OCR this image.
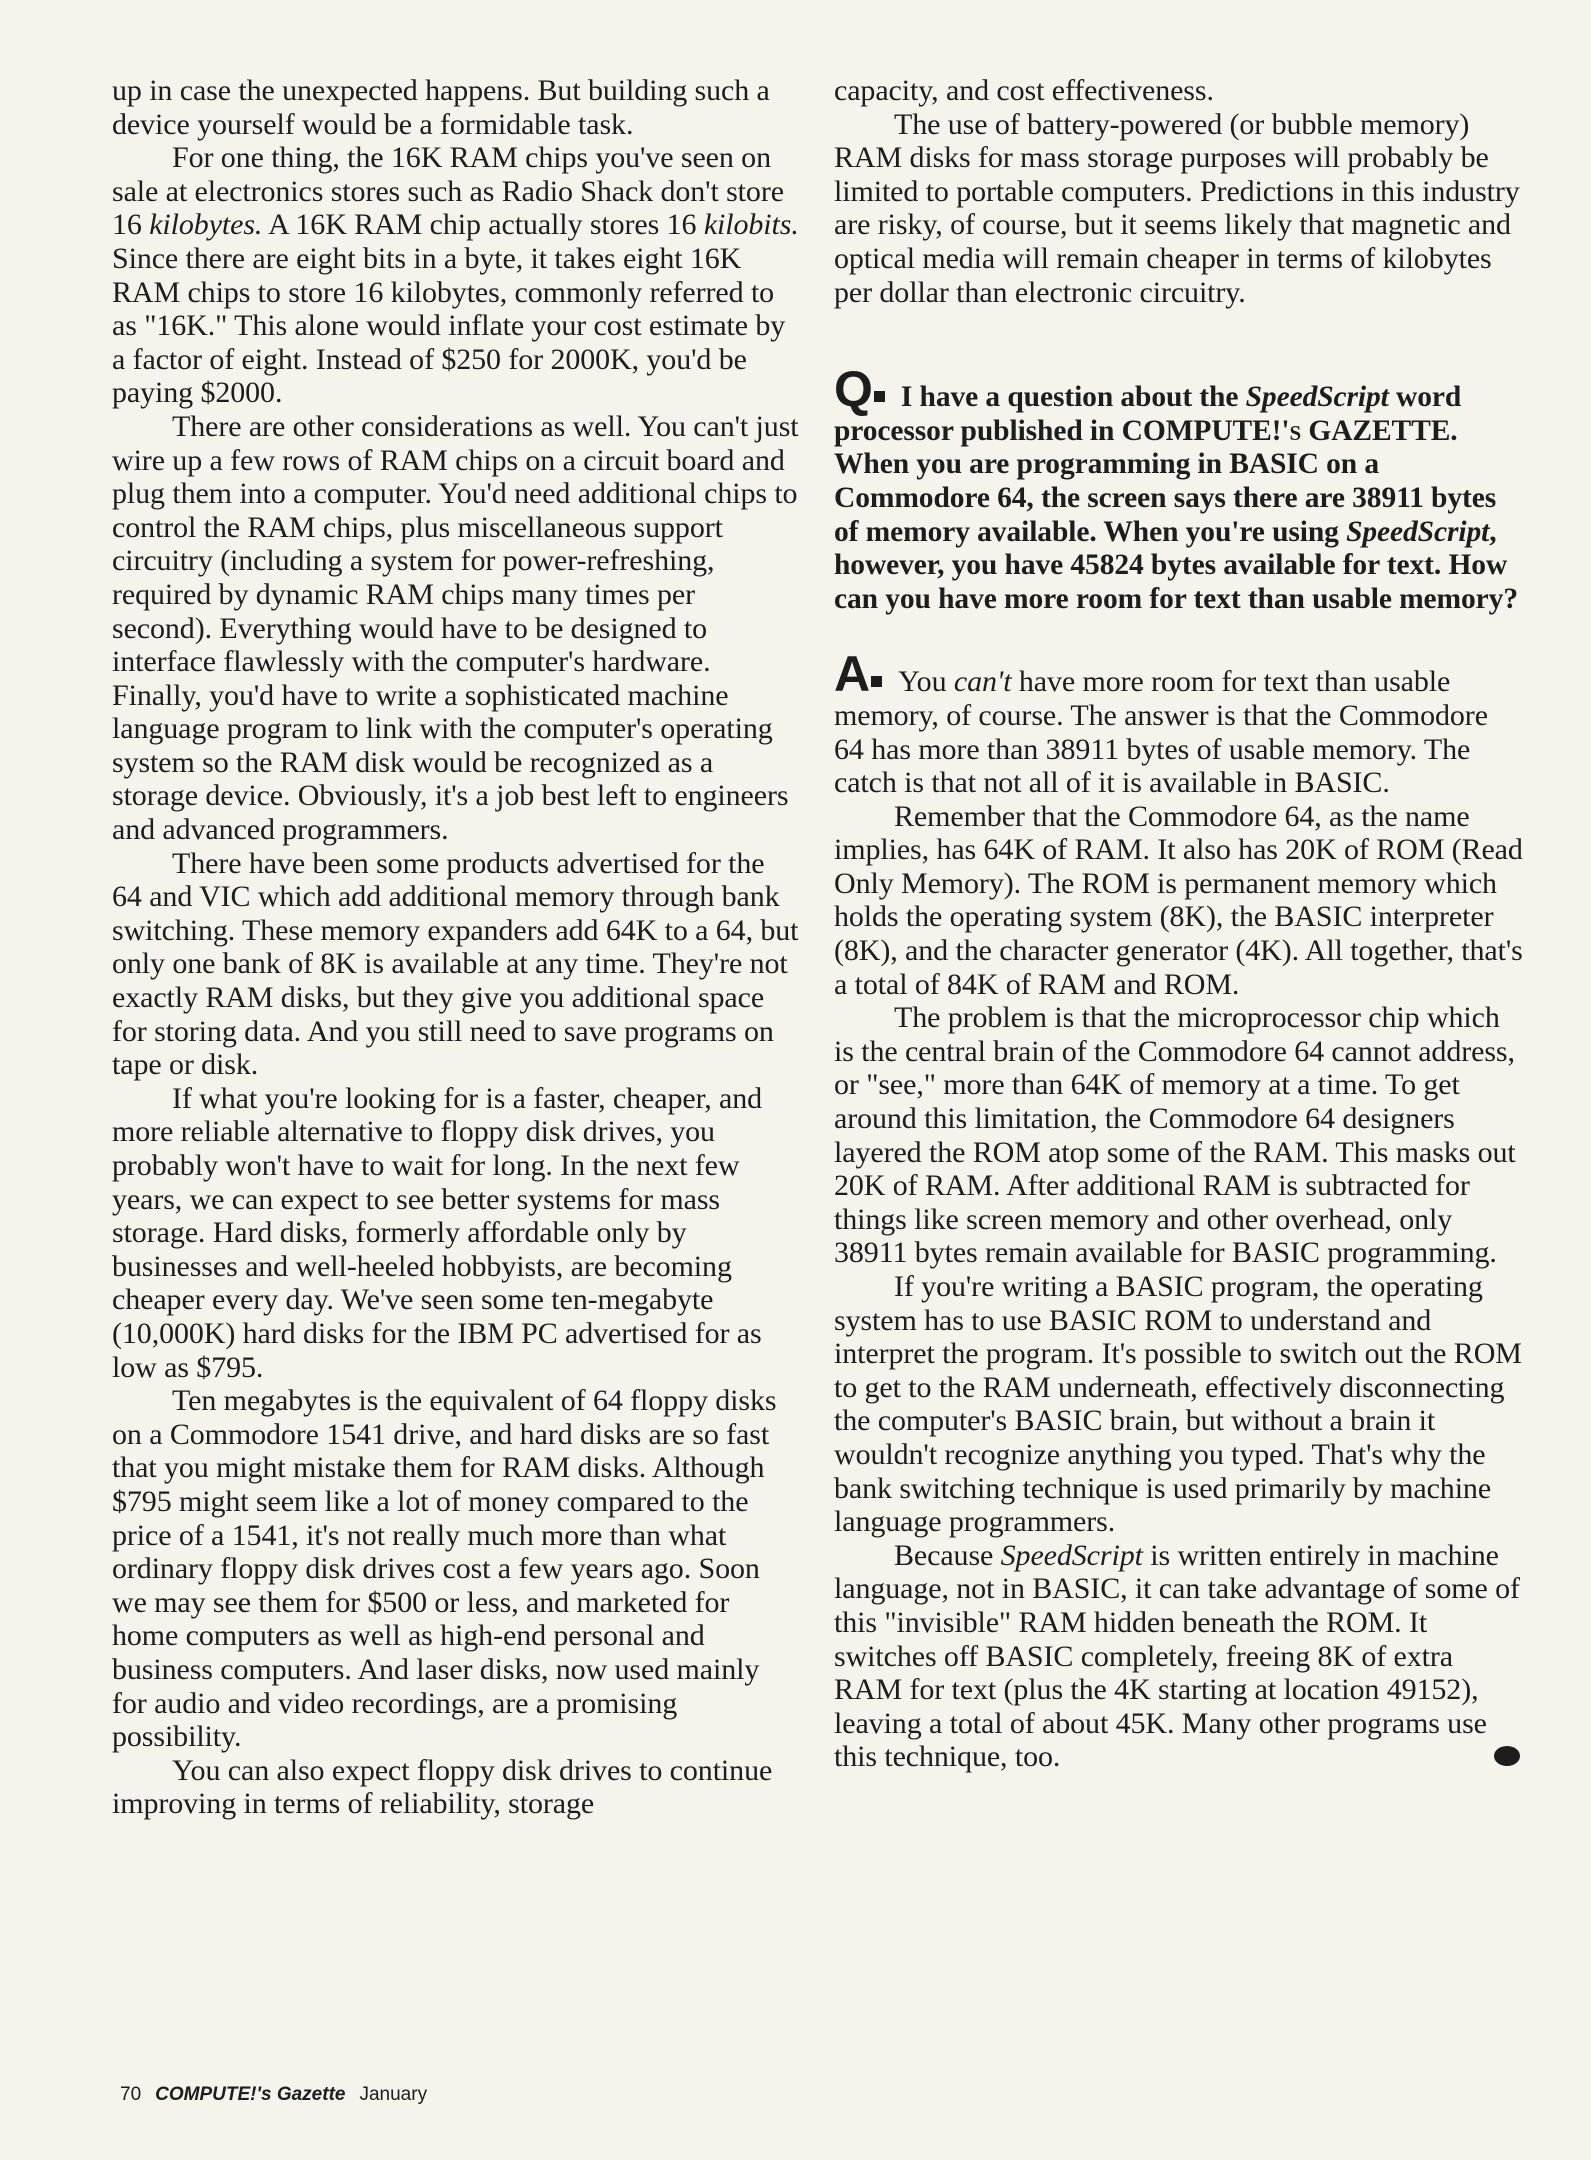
up in case the unexpected happens. But building such a device yourself would be a formidable task.

For one thing, the 16K RAM chips you've seen on sale at electronics stores such as Radio Shack don't store 16 kilobytes. A 16K RAM chip actually stores 16 kilobits. Since there are eight bits in a byte, it takes eight 16K RAM chips to store 16 kilobytes, commonly referred to as "16K." This alone would inflate your cost estimate by a factor of eight. Instead of $250 for 2000K, you'd be paying $2000.

There are other considerations as well. You can't just wire up a few rows of RAM chips on a circuit board and plug them into a computer. You'd need additional chips to control the RAM chips, plus miscellaneous support circuitry (including a system for power-refreshing, required by dynamic RAM chips many times per second). Everything would have to be designed to interface flawlessly with the computer's hardware. Finally, you'd have to write a sophisticated machine language program to link with the computer's operating system so the RAM disk would be recognized as a storage device. Obviously, it's a job best left to engineers and advanced programmers.

There have been some products advertised for the 64 and VIC which add additional memory through bank switching. These memory expanders add 64K to a 64, but only one bank of 8K is available at any time. They're not exactly RAM disks, but they give you additional space for storing data. And you still need to save programs on tape or disk.

If what you're looking for is a faster, cheaper, and more reliable alternative to floppy disk drives, you probably won't have to wait for long. In the next few years, we can expect to see better systems for mass storage. Hard disks, formerly affordable only by businesses and well-heeled hobbyists, are becoming cheaper every day. We've seen some ten-megabyte (10,000K) hard disks for the IBM PC advertised for as low as $795.

Ten megabytes is the equivalent of 64 floppy disks on a Commodore 1541 drive, and hard disks are so fast that you might mistake them for RAM disks. Although $795 might seem like a lot of money compared to the price of a 1541, it's not really much more than what ordinary floppy disk drives cost a few years ago. Soon we may see them for $500 or less, and marketed for home computers as well as high-end personal and business computers. And laser disks, now used mainly for audio and video recordings, are a promising possibility.

You can also expect floppy disk drives to continue improving in terms of reliability, storage

capacity, and cost effectiveness.

The use of battery-powered (or bubble memory) RAM disks for mass storage purposes will probably be limited to portable computers. Predictions in this industry are risky, of course, but it seems likely that magnetic and optical media will remain cheaper in terms of kilobytes per dollar than electronic circuitry.

Q I have a question about the SpeedScript word processor published in COMPUTE!'s GAZETTE. When you are programming in BASIC on a Commodore 64, the screen says there are 38911 bytes of memory available. When you're using SpeedScript, however, you have 45824 bytes available for text. How can you have more room for text than usable memory?

A You can't have more room for text than usable memory, of course. The answer is that the Commodore 64 has more than 38911 bytes of usable memory. The catch is that not all of it is available in BASIC.

Remember that the Commodore 64, as the name implies, has 64K of RAM. It also has 20K of ROM (Read Only Memory). The ROM is permanent memory which holds the operating system (8K), the BASIC interpreter (8K), and the character generator (4K). All together, that's a total of 84K of RAM and ROM.

The problem is that the microprocessor chip which is the central brain of the Commodore 64 cannot address, or "see," more than 64K of memory at a time. To get around this limitation, the Commodore 64 designers layered the ROM atop some of the RAM. This masks out 20K of RAM. After additional RAM is subtracted for things like screen memory and other overhead, only 38911 bytes remain available for BASIC programming.

If you're writing a BASIC program, the operating system has to use BASIC ROM to understand and interpret the program. It's possible to switch out the ROM to get to the RAM underneath, effectively disconnecting the computer's BASIC brain, but without a brain it wouldn't recognize anything you typed. That's why the bank switching technique is used primarily by machine language programmers.

Because SpeedScript is written entirely in machine language, not in BASIC, it can take advantage of some of this "invisible" RAM hidden beneath the ROM. It switches off BASIC completely, freeing 8K of extra RAM for text (plus the 4K starting at location 49152), leaving a total of about 45K. Many other programs use this technique, too.

70 COMPUTE!'s Gazette January
